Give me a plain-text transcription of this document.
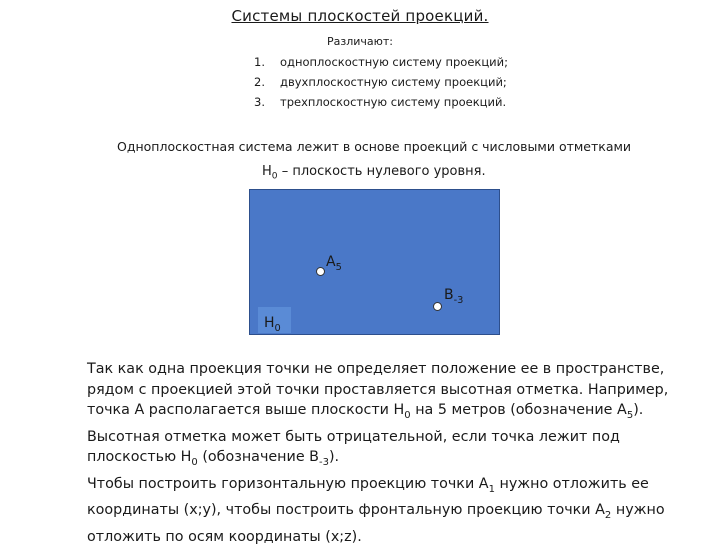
Системы плоскостей проекций.
Различают:
1.	одноплоскостную систему проекций;
2.	двухплоскостную систему проекций;
3.	трехплоскостную систему проекций.
Одноплоскостная система лежит в основе проекций с числовыми отметками
$H_0$ – плоскость нулевого уровня.
$H_0$
$A_5$
$B_{-3}$

Так как одна проекция точки не определяет положение ее в пространстве, рядом с проекцией этой точки проставляется высотная отметка. Например, точка А располагается выше плоскости $H_0$ на 5 метров (обозначение $А_5$). Высотная отметка может быть отрицательной, если точка лежит под плоскостью $H_0$ (обозначение $В_{-3}$).

Чтобы построить горизонтальную проекцию точки $А_1$ нужно отложить ее координаты (x;y), чтобы построить фронтальную проекцию точки $А_2$ нужно отложить по осям координаты (x;z).
